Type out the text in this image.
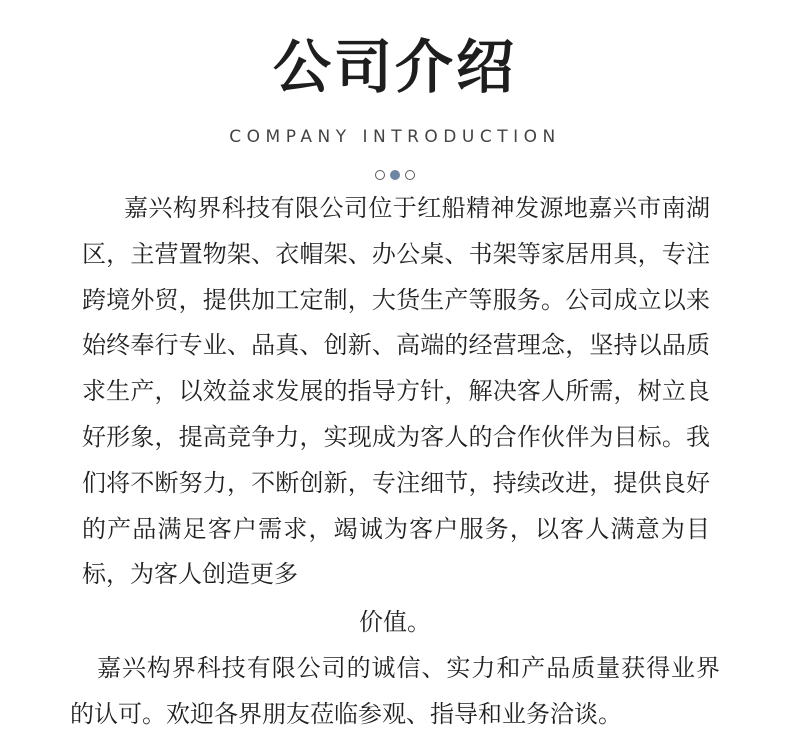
公司介绍
COMPANY INTRODUCTION

嘉兴构界科技有限公司位于红船精神发源地嘉兴市南湖区，主营置物架、衣帽架、办公桌、书架等家居用具，专注跨境外贸，提供加工定制，大货生产等服务。公司成立以来始终奉行专业、品真、创新、高端的经营理念，坚持以品质求生产，以效益求发展的指导方针，解决客人所需，树立良好形象，提高竞争力，实现成为客人的合作伙伴为目标。我们将不断努力，不断创新，专注细节，持续改进，提供良好的产品满足客户需求，竭诚为客户服务，以客人满意为目标，为客人创造更多

价值。

嘉兴构界科技有限公司的诚信、实力和产品质量获得业界的认可。欢迎各界朋友莅临参观、指导和业务洽谈。
